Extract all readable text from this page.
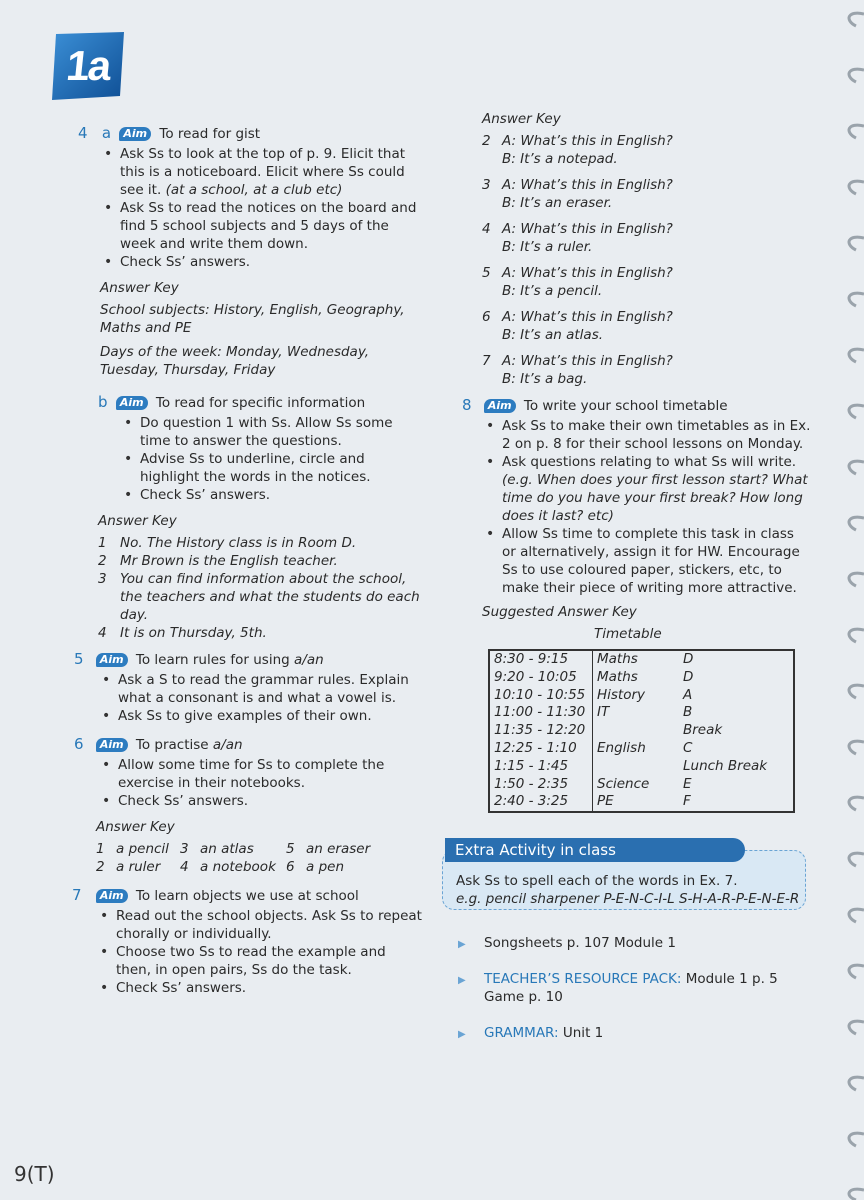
1a
4 a Aim To read for gist
• Ask Ss to look at the top of p. 9. Elicit that this is a noticeboard. Elicit where Ss could see it. (at a school, at a club etc)
• Ask Ss to read the notices on the board and find 5 school subjects and 5 days of the week and write them down.
• Check Ss’ answers.
Answer Key
School subjects: History, English, Geography, Maths and PE
Days of the week: Monday, Wednesday, Tuesday, Thursday, Friday
b Aim To read for specific information
• Do question 1 with Ss. Allow Ss some time to answer the questions.
• Advise Ss to underline, circle and highlight the words in the notices.
• Check Ss’ answers.
Answer Key
1 No. The History class is in Room D.
2 Mr Brown is the English teacher.
3 You can find information about the school, the teachers and what the students do each day.
4 It is on Thursday, 5th.
5 Aim To learn rules for using a/an
• Ask a S to read the grammar rules. Explain what a consonant is and what a vowel is.
• Ask Ss to give examples of their own.
6 Aim To practise a/an
• Allow some time for Ss to complete the exercise in their notebooks.
• Check Ss’ answers.
Answer Key
1 a pencil 3 an atlas	5 an eraser
2 a ruler	4 a notebook 6 a pen
7 Aim To learn objects we use at school
• Read out the school objects. Ask Ss to repeat chorally or individually.
• Choose two Ss to read the example and then, in open pairs, Ss do the task.
• Check Ss’ answers.
Answer Key
2 A: What’s this in English?
B: It’s a notepad.
3 A: What’s this in English?
B: It’s an eraser.
4 A: What’s this in English?
B: It’s a ruler.
5 A: What’s this in English?
B: It’s a pencil.
6 A: What’s this in English?
B: It’s an atlas.
7 A: What’s this in English?
B: It’s a bag.
8 Aim To write your school timetable
• Ask Ss to make their own timetables as in Ex. 2 on p. 8 for their school lessons on Monday.
• Ask questions relating to what Ss will write. (e.g. When does your first lesson start? What time do you have your first break? How long does it last? etc)
• Allow Ss time to complete this task in class or alternatively, assign it for HW. Encourage Ss to use coloured paper, stickers, etc, to make their piece of writing more attractive.
Suggested Answer Key
Timetable
8:30 - 9:15	Maths	D
9:20 - 10:05	Maths	D
10:10 - 10:55	History	A
11:00 - 11:30	IT	B
11:35 - 12:20		Break
12:25 - 1:10	English	C
1:15 - 1:45		Lunch Break
1:50 - 2:35	Science	E
2:40 - 3:25	PE	F
Extra Activity in class
Ask Ss to spell each of the words in Ex. 7.
e.g. pencil sharpener P-E-N-C-I-L S-H-A-R-P-E-N-E-R
▶ Songsheets p. 107 Module 1
▶ TEACHER’S RESOURCE PACK: Module 1 p. 5
Game p. 10
▶ GRAMMAR: Unit 1
9(T)
